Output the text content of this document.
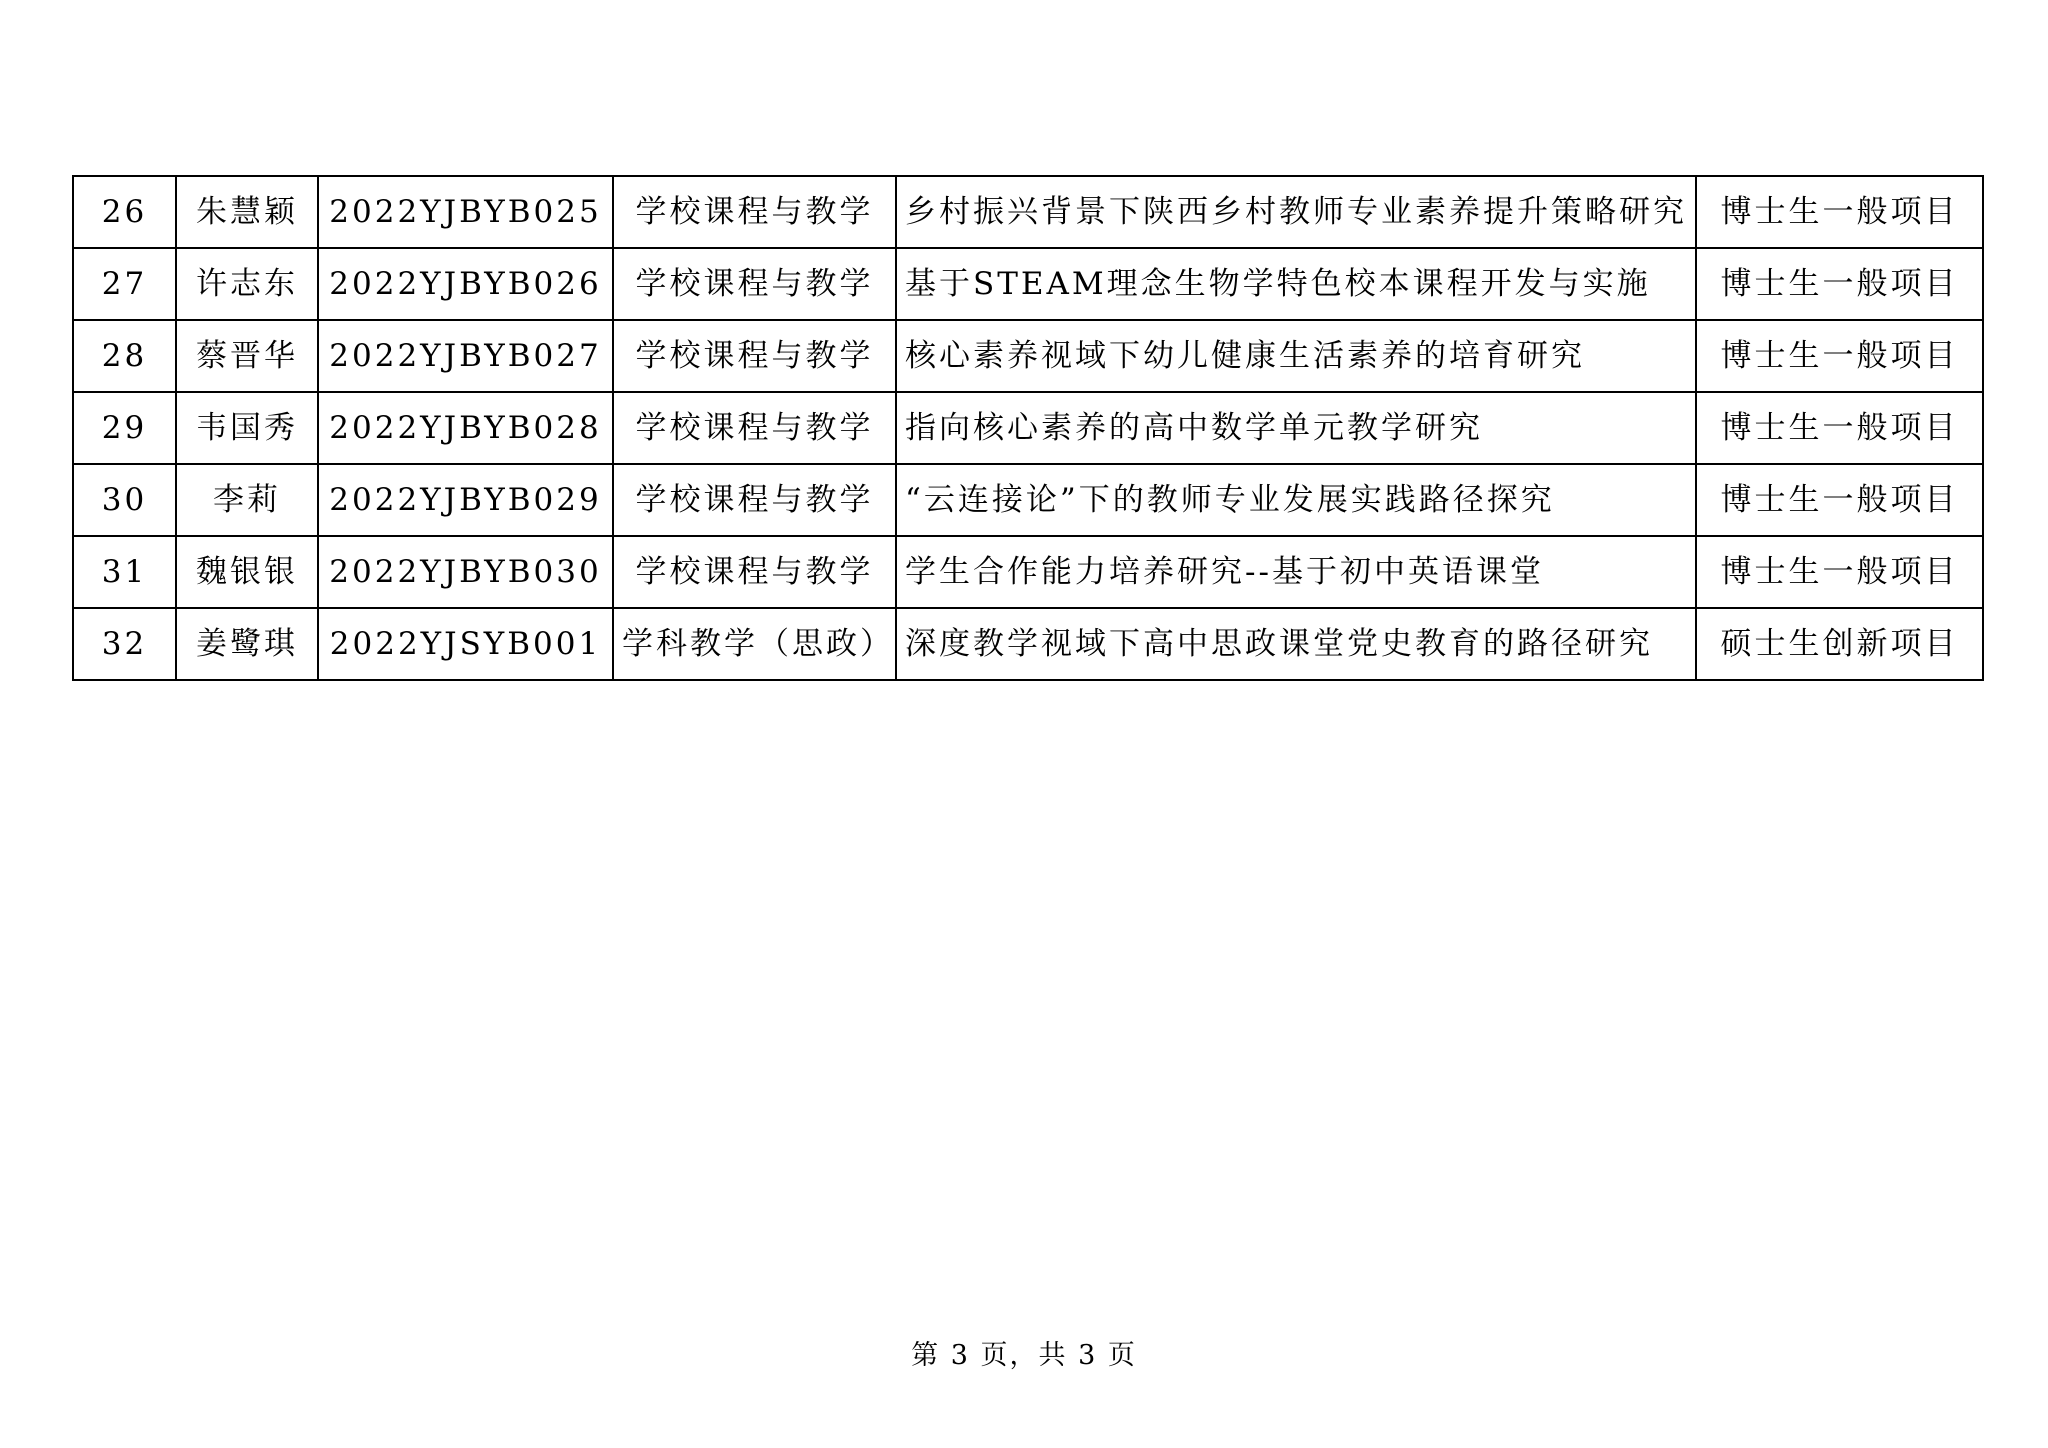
26	朱慧颖	2022YJBYB025	学校课程与教学	乡村振兴背景下陕西乡村教师专业素养提升策略研究	博士生一般项目
27	许志东	2022YJBYB026	学校课程与教学	基于STEAM理念生物学特色校本课程开发与实施	博士生一般项目
28	蔡晋华	2022YJBYB027	学校课程与教学	核心素养视域下幼儿健康生活素养的培育研究	博士生一般项目
29	韦国秀	2022YJBYB028	学校课程与教学	指向核心素养的高中数学单元教学研究	博士生一般项目
30	李莉	2022YJBYB029	学校课程与教学	“云连接论”下的教师专业发展实践路径探究	博士生一般项目
31	魏银银	2022YJBYB030	学校课程与教学	学生合作能力培养研究--基于初中英语课堂	博士生一般项目
32	姜鹭琪	2022YJSYB001	学科教学（思政）	深度教学视域下高中思政课堂党史教育的路径研究	硕士生创新项目
第 3 页，共 3 页
